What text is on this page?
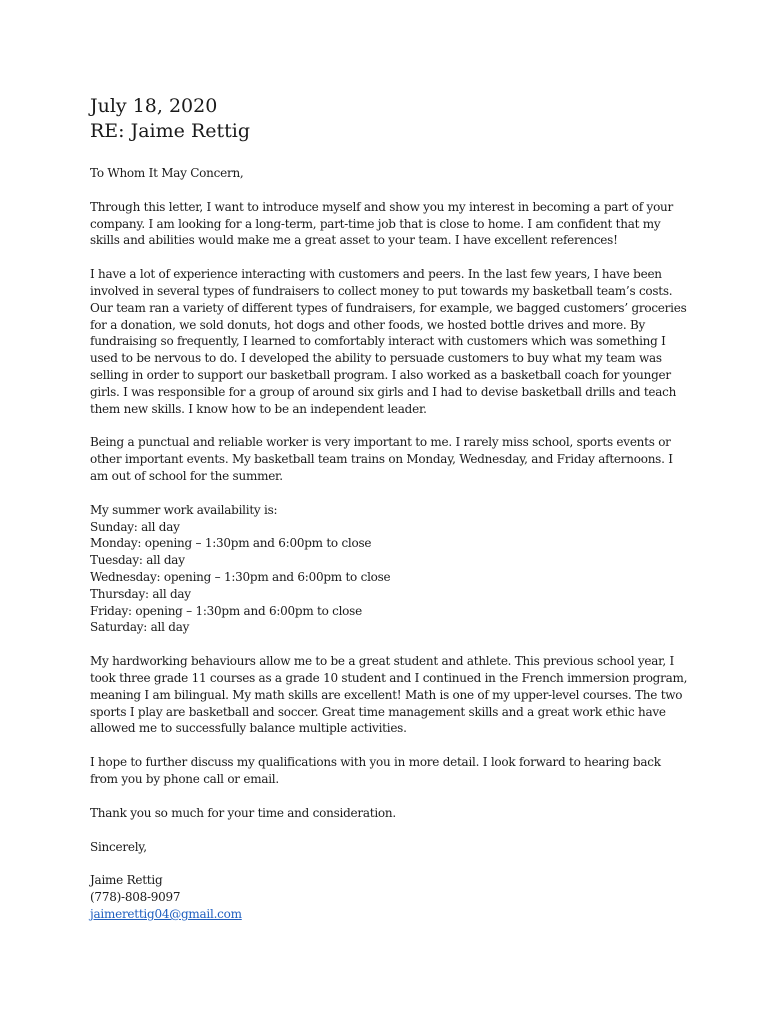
July 18, 2020

RE: Jaime Rettig

To Whom It May Concern,

Through this letter, I want to introduce myself and show you my interest in becoming a part of your company. I am looking for a long-term, part-time job that is close to home. I am confident that my skills and abilities would make me a great asset to your team. I have excellent references!

I have a lot of experience interacting with customers and peers. In the last few years, I have been involved in several types of fundraisers to collect money to put towards my basketball team’s costs. Our team ran a variety of different types of fundraisers, for example, we bagged customers’ groceries for a donation, we sold donuts, hot dogs and other foods, we hosted bottle drives and more. By fundraising so frequently, I learned to comfortably interact with customers which was something I used to be nervous to do. I developed the ability to persuade customers to buy what my team was selling in order to support our basketball program. I also worked as a basketball coach for younger girls. I was responsible for a group of around six girls and I had to devise basketball drills and teach them new skills. I know how to be an independent leader.

Being a punctual and reliable worker is very important to me. I rarely miss school, sports events or other important events. My basketball team trains on Monday, Wednesday, and Friday afternoons. I am out of school for the summer.

My summer work availability is:

Sunday: all day

Monday: opening – 1:30pm and 6:00pm to close

Tuesday: all day

Wednesday: opening – 1:30pm and 6:00pm to close

Thursday: all day

Friday: opening – 1:30pm and 6:00pm to close

Saturday: all day

My hardworking behaviours allow me to be a great student and athlete. This previous school year, I took three grade 11 courses as a grade 10 student and I continued in the French immersion program, meaning I am bilingual. My math skills are excellent! Math is one of my upper-level courses. The two sports I play are basketball and soccer. Great time management skills and a great work ethic have allowed me to successfully balance multiple activities.

I hope to further discuss my qualifications with you in more detail. I look forward to hearing back from you by phone call or email.

Thank you so much for your time and consideration.

Sincerely,

Jaime Rettig

(778)-808-9097

jaimerettig04@gmail.com
